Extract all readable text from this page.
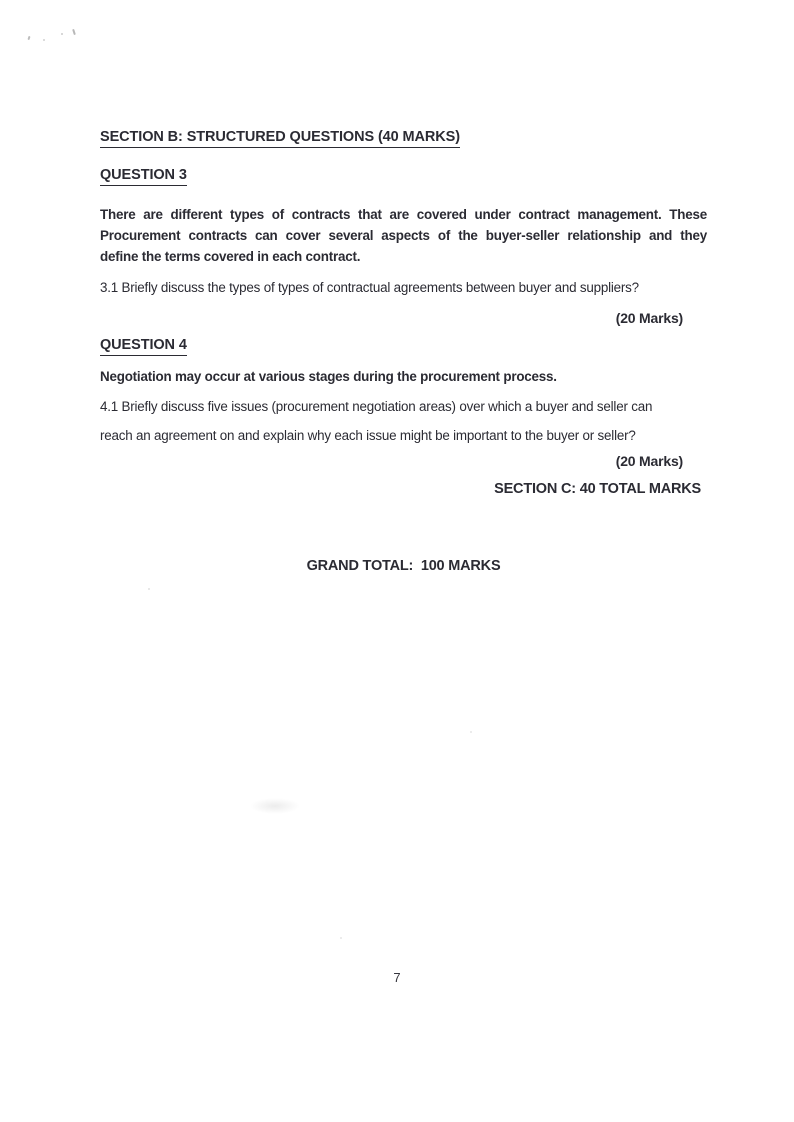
SECTION B: STRUCTURED QUESTIONS (40 MARKS)
QUESTION 3
There are different types of contracts that are covered under contract management. These
Procurement contracts can cover several aspects of the buyer-seller relationship and they
define the terms covered in each contract.
3.1 Briefly discuss the types of types of contractual agreements between buyer and suppliers?
(20 Marks)
QUESTION 4
Negotiation may occur at various stages during the procurement process.
4.1 Briefly discuss five issues (procurement negotiation areas) over which a buyer and seller can
reach an agreement on and explain why each issue might be important to the buyer or seller?
(20 Marks)
SECTION C: 40 TOTAL MARKS
GRAND TOTAL:  100 MARKS
7
